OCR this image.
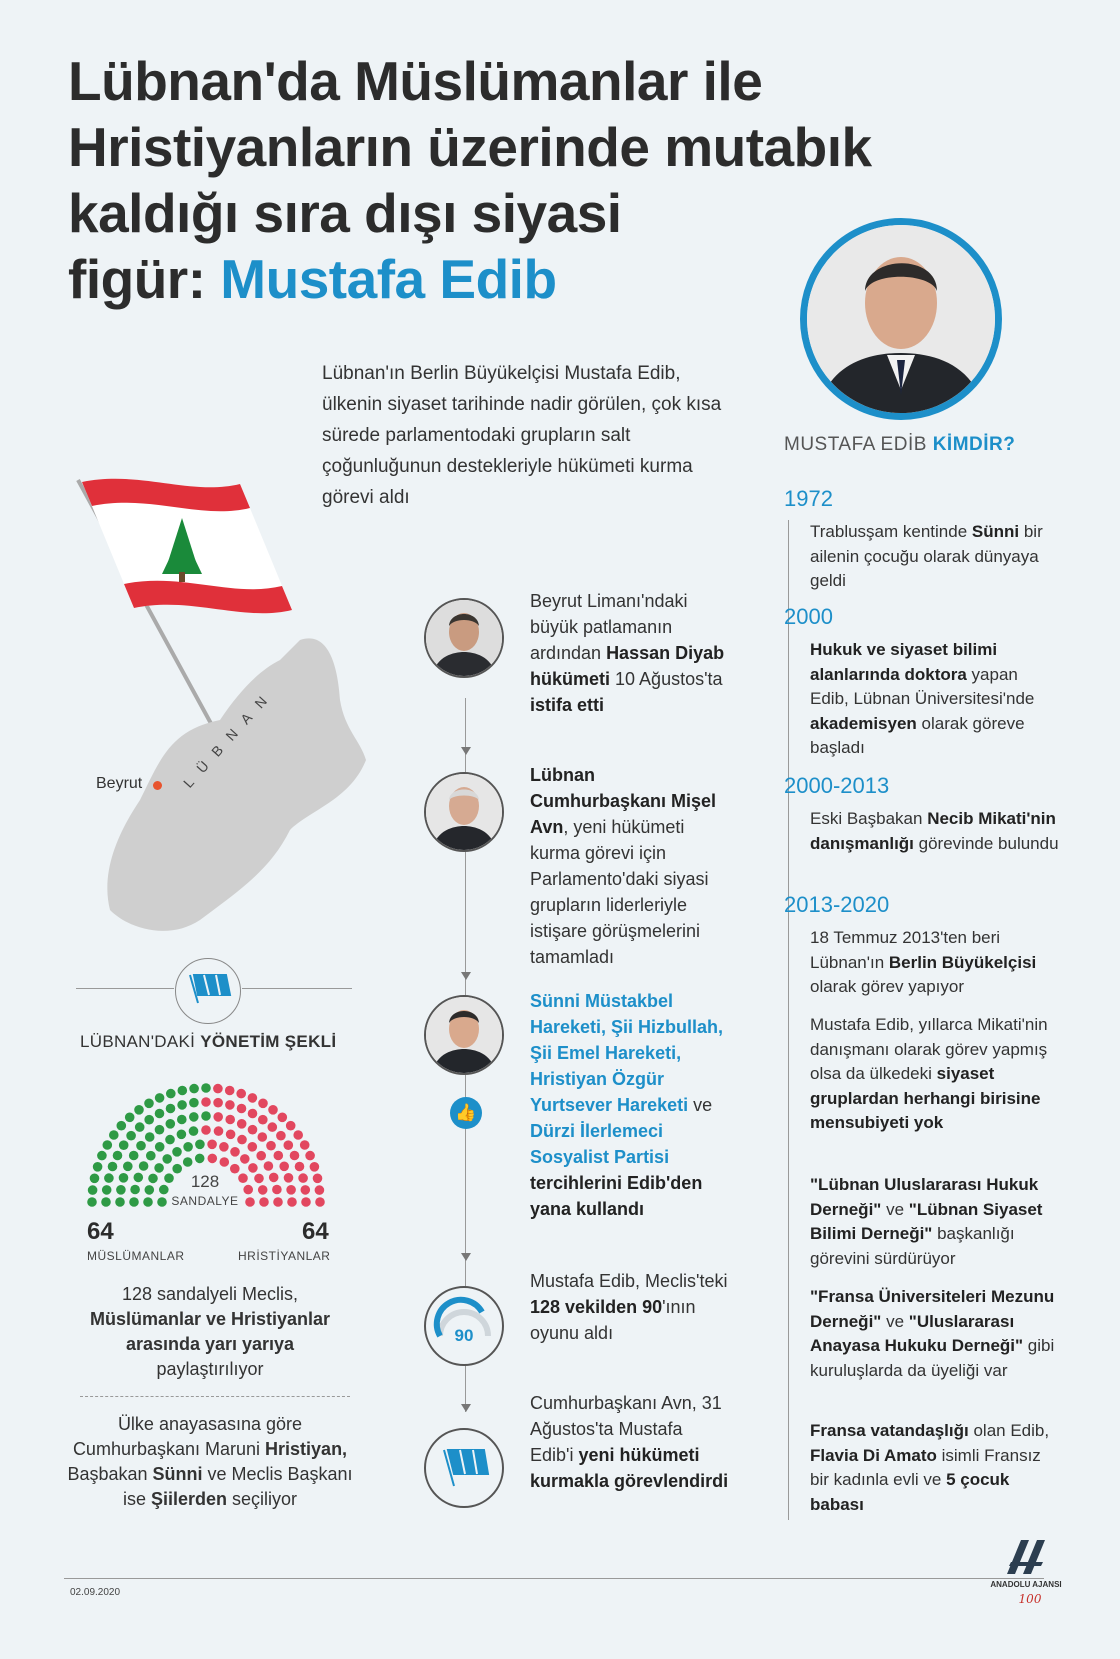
Lübnan'da Müslümanlar ile
Hristiyanların üzerinde mutabık
kaldığı sıra dışı siyasi
figür: Mustafa Edib
Lübnan'ın Berlin Büyükelçisi Mustafa Edib, ülkenin siyaset tarihinde nadir görülen, çok kısa sürede parlamentodaki grupların salt çoğunluğunun destekleriyle hükümeti kurma görevi aldı
Beyrut	LÜBNAN
LÜBNAN'DAKİ YÖNETİM ŞEKLİ
128
SANDALYE
64
MÜSLÜMANLAR
64
HRİSTİYANLAR
128 sandalyeli Meclis,
Müslümanlar ve Hristiyanlar arasında yarı yarıya
paylaştırılıyor
Ülke anayasasına göre Cumhurbaşkanı Maruni Hristiyan, Başbakan Sünni ve Meclis Başkanı ise Şiilerden seçiliyor
👍
90
Beyrut Limanı'ndaki büyük patlamanın ardından Hassan Diyab hükümeti 10 Ağustos'ta istifa etti
Lübnan Cumhurbaşkanı Mişel Avn, yeni hükümeti kurma görevi için Parlamento'daki siyasi grupların liderleriyle istişare görüşmelerini tamamladı
Sünni Müstakbel Hareketi, Şii Hizbullah, Şii Emel Hareketi, Hristiyan Özgür Yurtsever Hareketi ve Dürzi İlerlemeci Sosyalist Partisi tercihlerini Edib'den yana kullandı
Mustafa Edib, Meclis'teki 128 vekilden 90'ının oyunu aldı
Cumhurbaşkanı Avn, 31 Ağustos'ta Mustafa Edib'i yeni hükümeti kurmakla görevlendirdi
MUSTAFA EDİB KİMDİR?
1972
Trablusşam kentinde Sünni bir ailenin çocuğu olarak dünyaya geldi
2000
Hukuk ve siyaset bilimi alanlarında doktora yapan Edib, Lübnan Üniversitesi'nde akademisyen olarak göreve başladı
2000-2013
Eski Başbakan Necib Mikati'nin danışmanlığı görevinde bulundu
2013-2020
18 Temmuz 2013'ten beri Lübnan'ın Berlin Büyükelçisi olarak görev yapıyor
Mustafa Edib, yıllarca Mikati'nin danışmanı olarak görev yapmış olsa da ülkedeki siyaset gruplardan herhangi birisine mensubiyeti yok
"Lübnan Uluslararası Hukuk Derneği" ve "Lübnan Siyaset Bilimi Derneği" başkanlığı görevini sürdürüyor
"Fransa Üniversiteleri Mezunu Derneği" ve "Uluslararası Anayasa Hukuku Derneği" gibi kuruluşlarda da üyeliği var
Fransa vatandaşlığı olan Edib, Flavia Di Amato isimli Fransız bir kadınla evli ve 5 çocuk babası
02.09.2020
ANADOLU AJANSI
100
